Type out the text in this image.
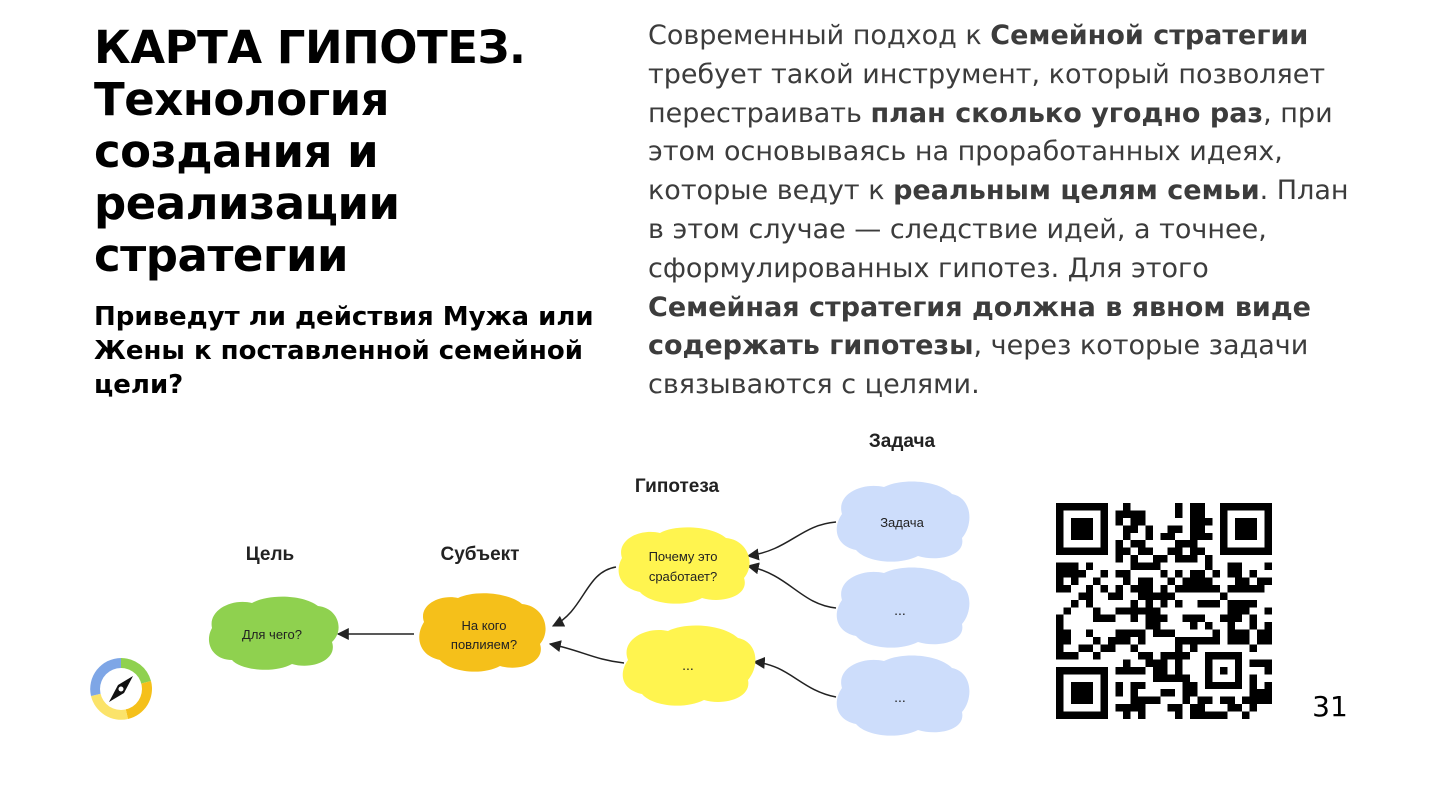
КАРТА ГИПОТЕЗ.
Технология
создания и
реализации
стратегии

Приведут ли действия Мужа или
Жены к поставленной семейной
цели?

Современный подход к Семейной стратегии
требует такой инструмент, который позволяет
перестраивать план сколько угодно раз, при
этом основываясь на проработанных идеях,
которые ведут к реальным целям семьи. План
в этом случае — следствие идей, а точнее,
сформулированных гипотез. Для этого
Семейная стратегия должна в явном виде
содержать гипотезы, через которые задачи
связываются с целями.
Цель	Субъект
Гипотеза
Задача
Для чего?
На кого
повлияем?
Почему это
сработает?
...
Задача
...
...	31
